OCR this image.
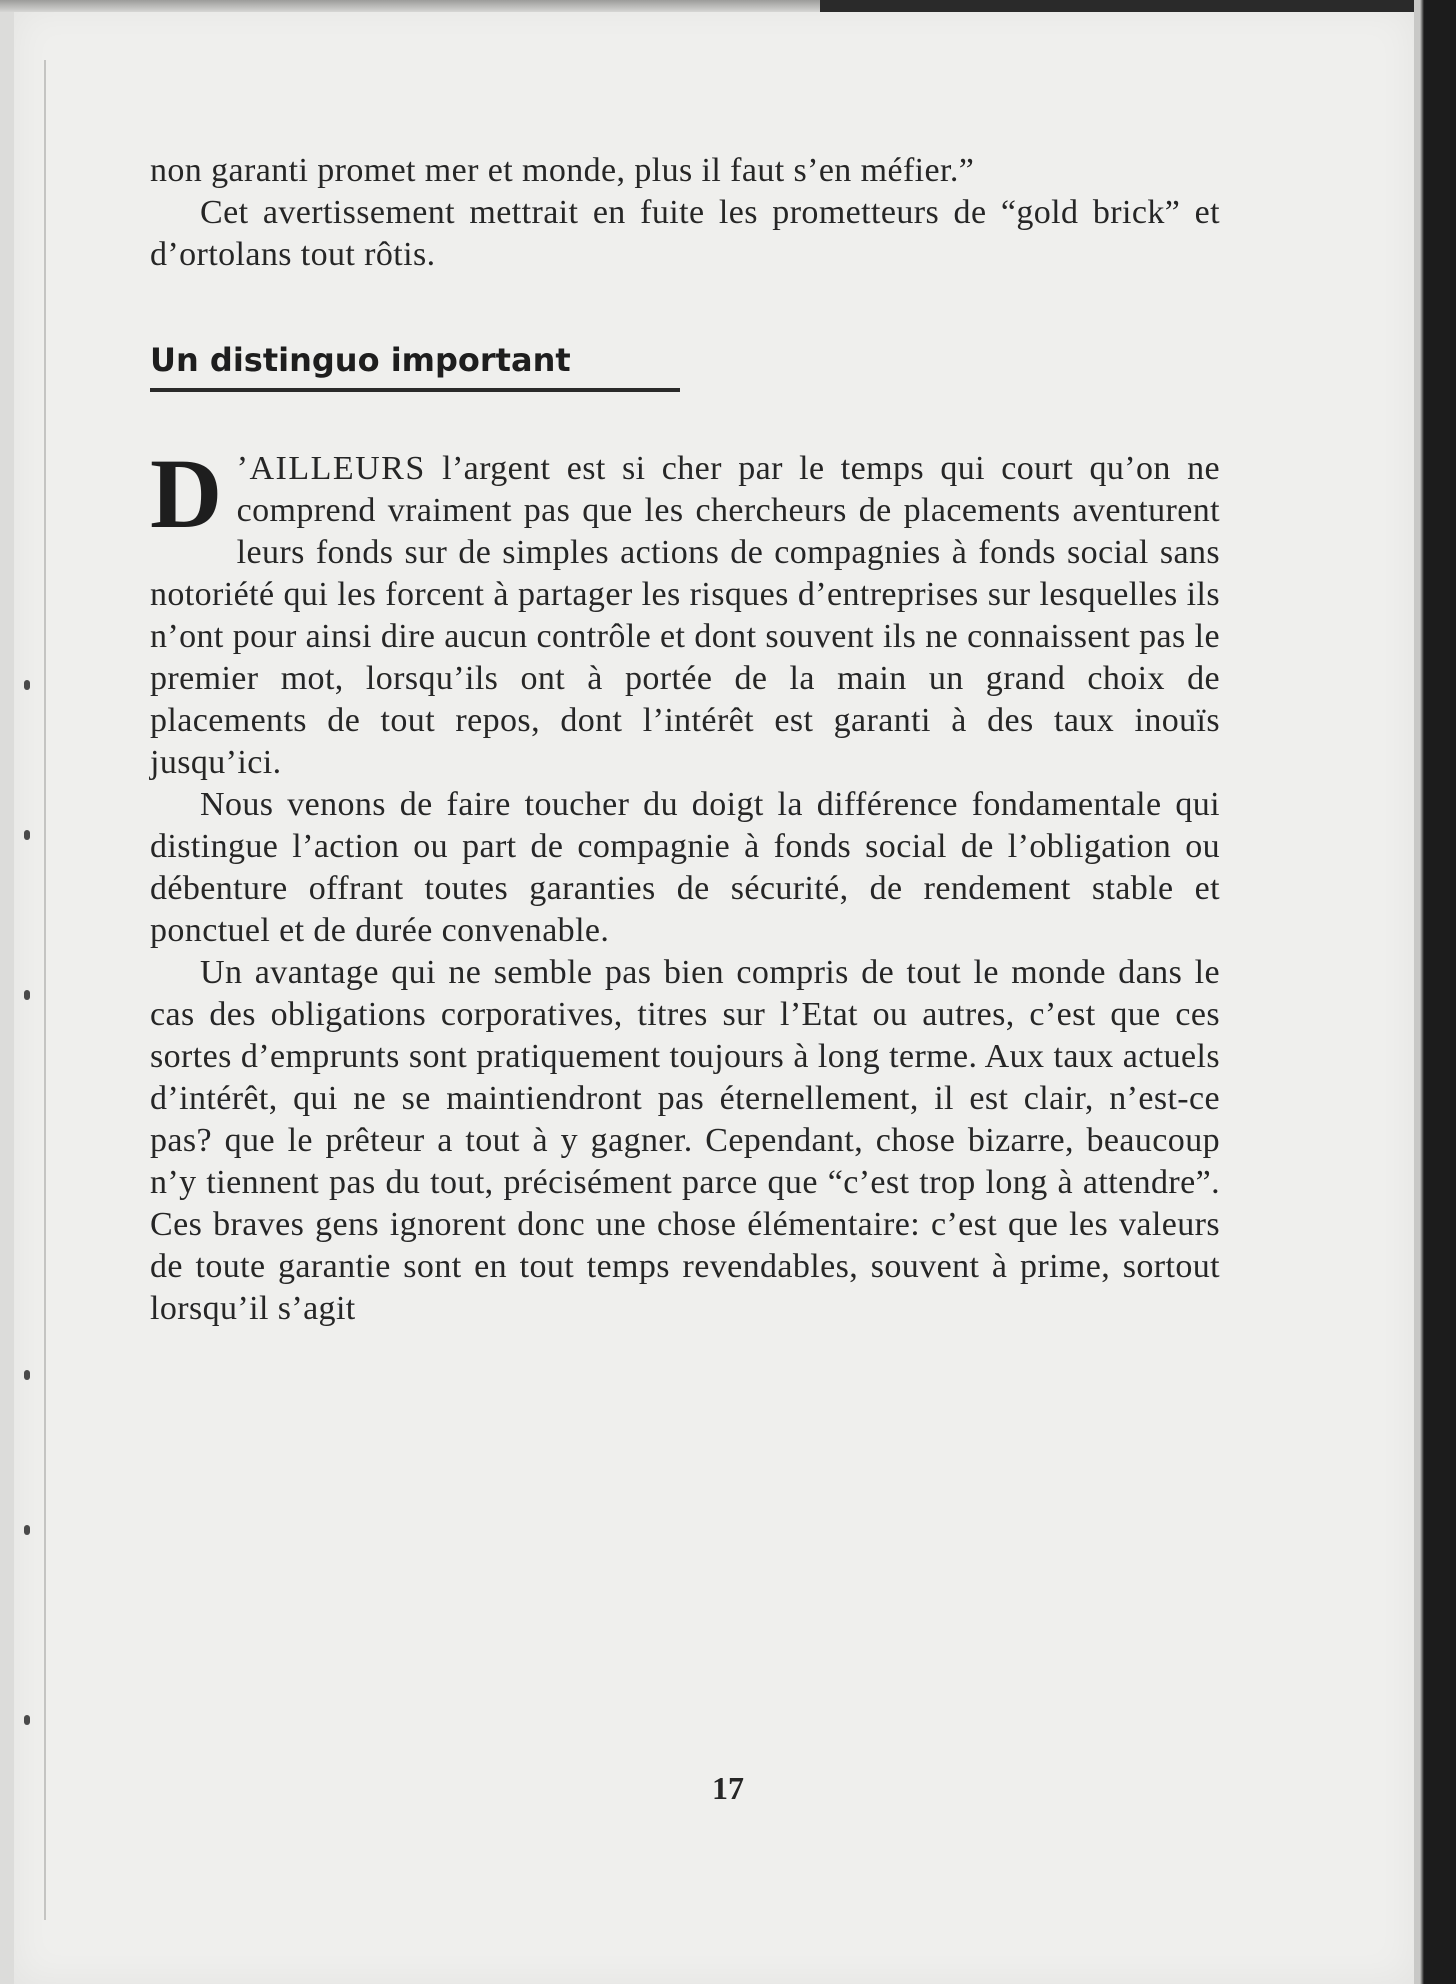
non garanti promet mer et monde, plus il faut s’en méfier.”

Cet avertissement mettrait en fuite les prometteurs de “gold brick” et d’ortolans tout rôtis.

Un distinguo important

D ’AILLEURS l’argent est si cher par le temps qui court qu’on ne comprend vraiment pas que les chercheurs de placements aventurent leurs fonds sur de simples actions de compagnies à fonds social sans notoriété qui les forcent à partager les risques d’entreprises sur lesquelles ils n’ont pour ainsi dire aucun contrôle et dont souvent ils ne connaissent pas le premier mot, lorsqu’ils ont à portée de la main un grand choix de placements de tout repos, dont l’intérêt est garanti à des taux inouïs jusqu’ici.

Nous venons de faire toucher du doigt la différence fondamentale qui distingue l’action ou part de compagnie à fonds social de l’obligation ou débenture offrant toutes garanties de sécurité, de rendement stable et ponctuel et de durée convenable.

Un avantage qui ne semble pas bien compris de tout le monde dans le cas des obligations corporatives, titres sur l’Etat ou autres, c’est que ces sortes d’emprunts sont pratiquement toujours à long terme. Aux taux actuels d’intérêt, qui ne se maintiendront pas éternellement, il est clair, n’est-ce pas? que le prêteur a tout à y gagner. Cependant, chose bizarre, beaucoup n’y tiennent pas du tout, précisément parce que “c’est trop long à attendre”. Ces braves gens ignorent donc une chose élémentaire: c’est que les valeurs de toute garantie sont en tout temps revendables, souvent à prime, sortout lorsqu’il s’agit

17
